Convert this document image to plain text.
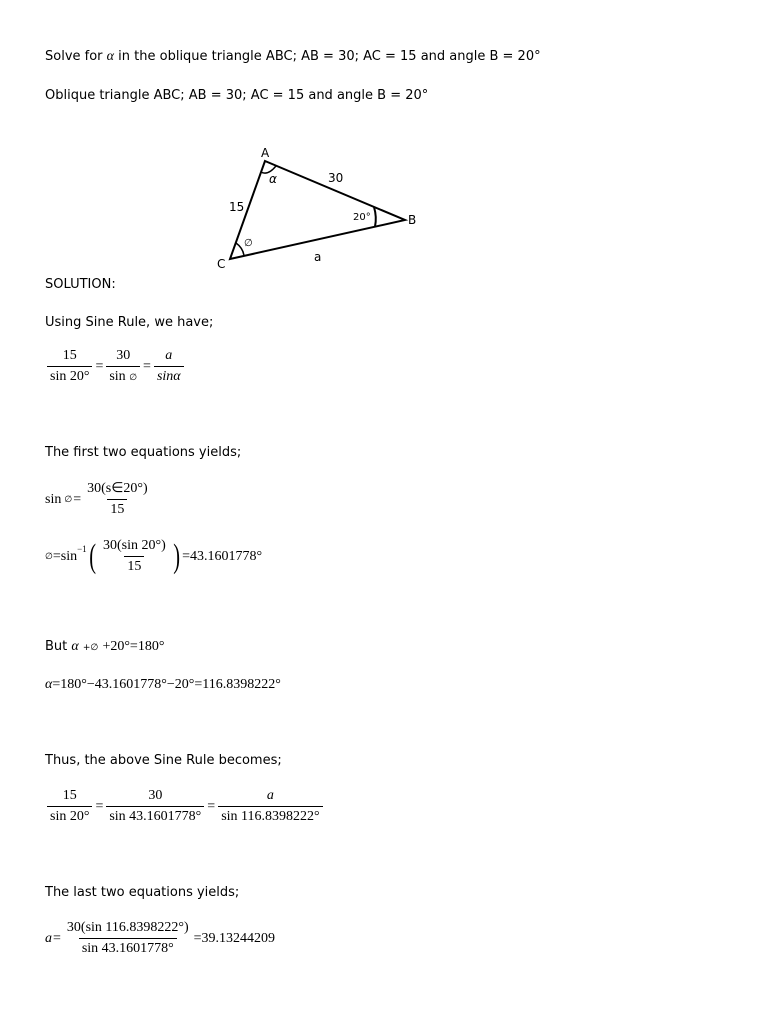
Solve for α in the oblique triangle ABC; AB = 30; AC = 15 and angle B = 20°
Oblique triangle ABC; AB = 30; AC = 15 and angle B = 20°
A
B
C
30
15
a
α
20°
∅
SOLUTION:
Using Sine Rule, we have;
$\frac{15}{\sin 20^\circ} = \frac{30}{\sin \emptyset} = \frac{a}{\sin\alpha}$
The first two equations yields;
sin ∅ = $\frac{30(s\in 20^\circ)}{15}$
∅ $=\sin^{-1}$ ( $\frac{30(\sin 20^\circ)}{15}$ ) =43.1601778°
But α +∅ +20°=180°
α=180°−43.1601778°−20°=116.8398222°
Thus, the above Sine Rule becomes;
$\frac{15}{\sin 20^\circ} = \frac{30}{\sin 43.1601778^\circ} = \frac{a}{\sin 116.8398222^\circ}$
The last two equations yields;
$a = \frac{30(\sin 116.8398222^\circ)}{\sin 43.1601778^\circ} =39.13244209$
